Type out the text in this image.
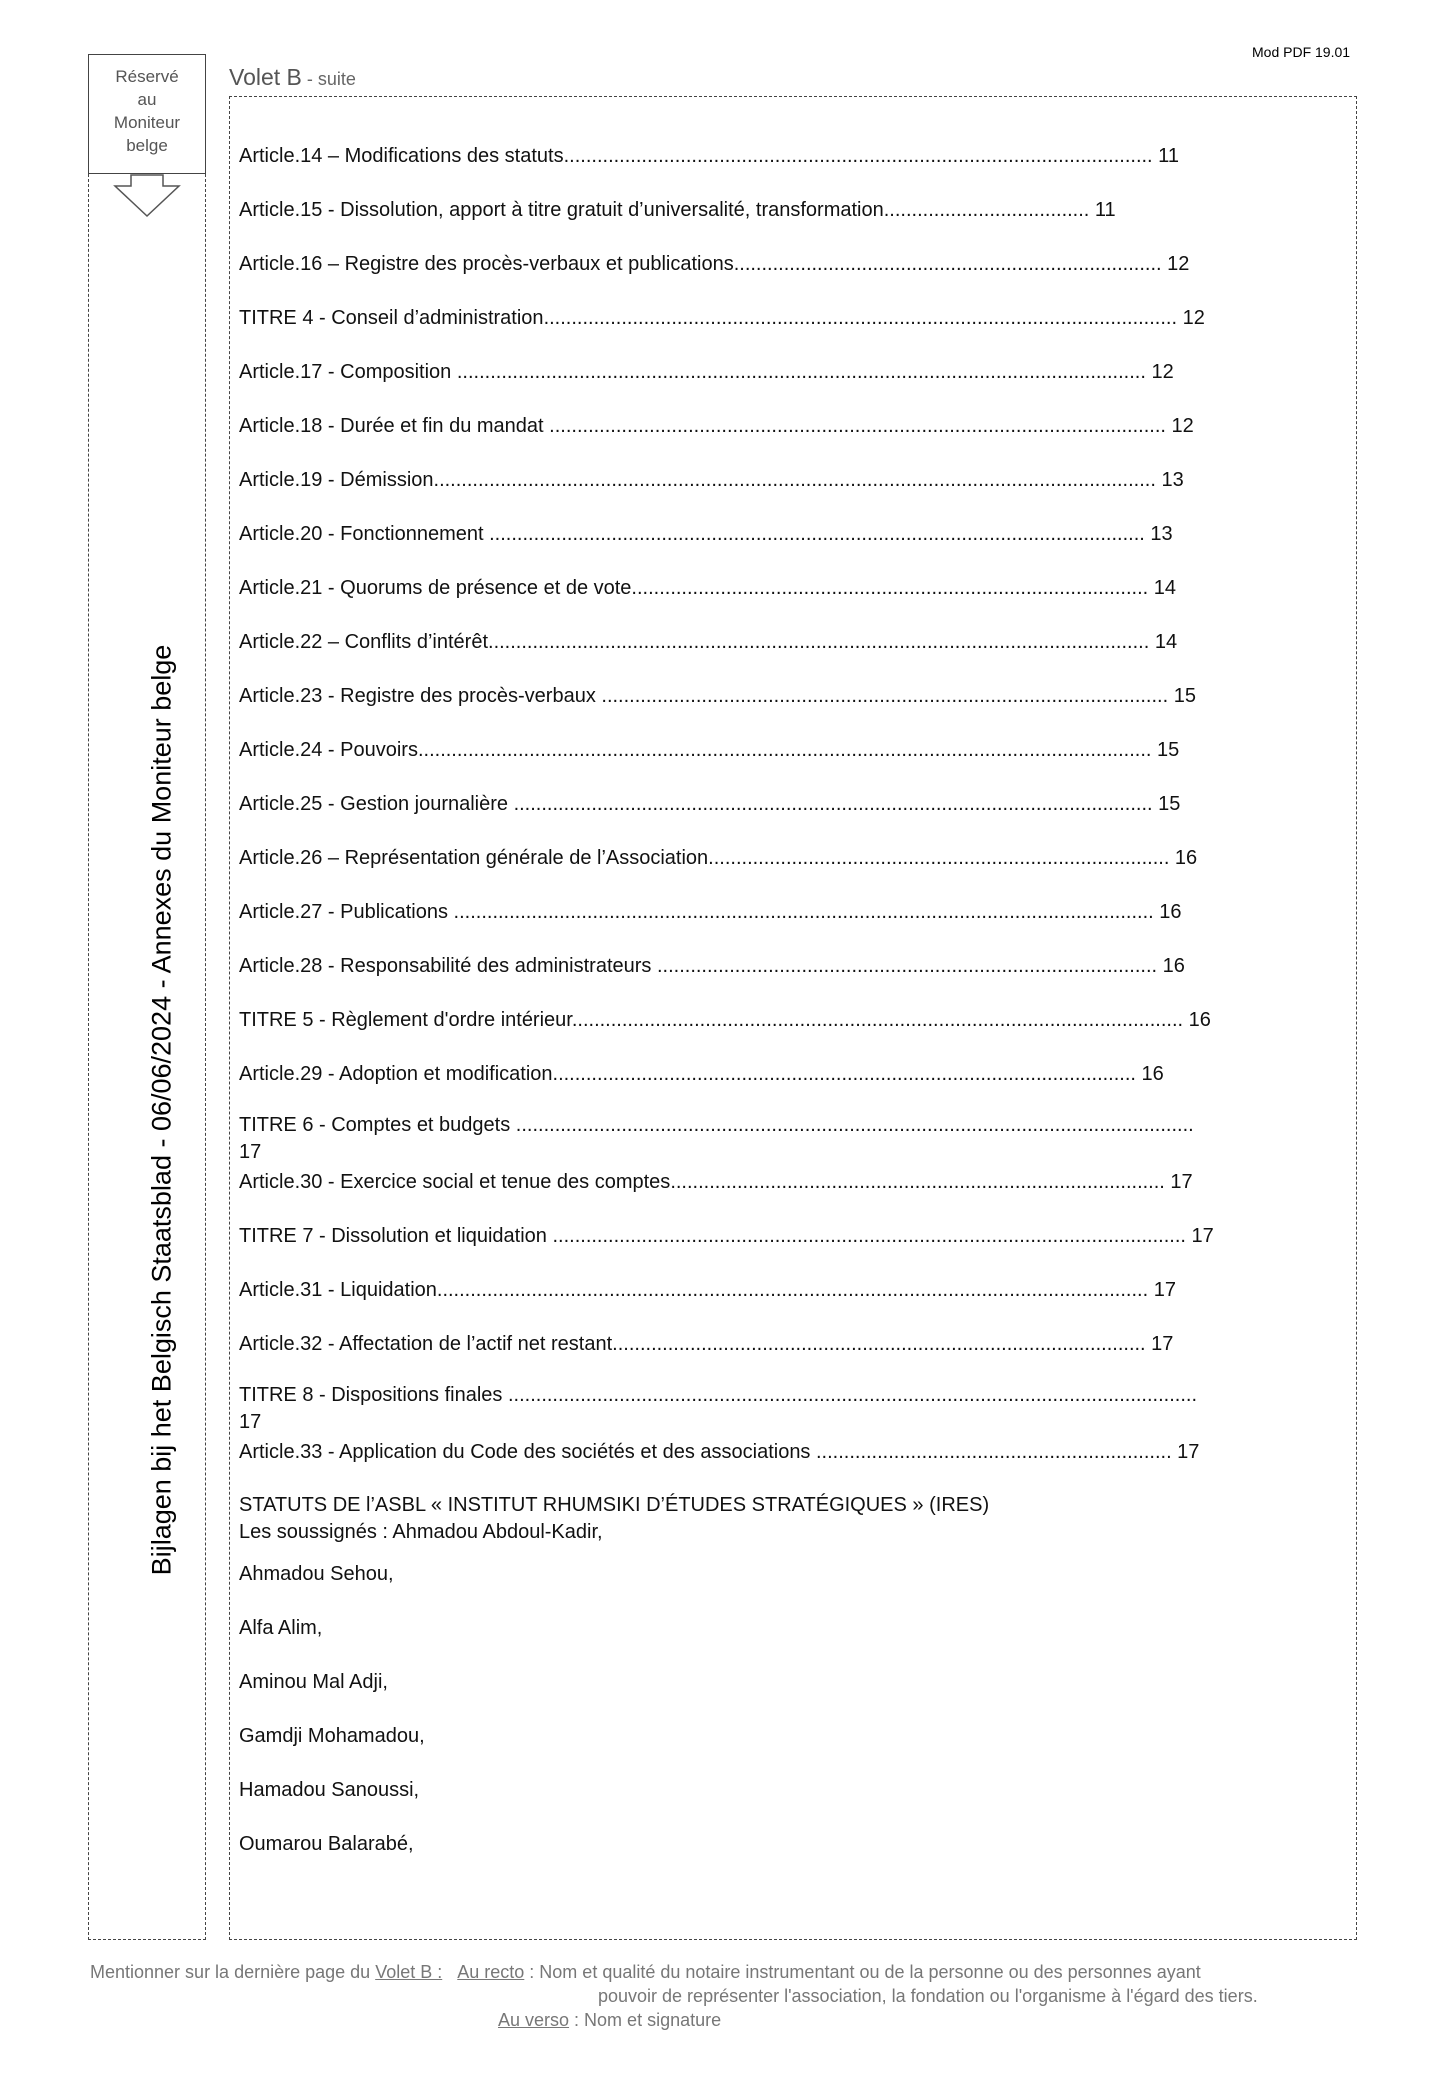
Mod PDF 19.01
Réservé
au
Moniteur
belge
Bijlagen bij het Belgisch Staatsblad - 06/06/2024 - Annexes du Moniteur belge
Volet B - suite
Article.14 – Modifications des statuts.......................................................................................................... 11
Article.15 - Dissolution, apport à titre gratuit d’universalité, transformation..................................... 11
Article.16 – Registre des procès-verbaux et publications............................................................................. 12
TITRE 4 - Conseil d’administration.................................................................................................................. 12
Article.17 - Composition ............................................................................................................................ 12
Article.18 - Durée et fin du mandat ............................................................................................................... 12
Article.19 - Démission.................................................................................................................................. 13
Article.20 - Fonctionnement ...................................................................................................................... 13
Article.21 - Quorums de présence et de vote............................................................................................. 14
Article.22 – Conflits d’intérêt....................................................................................................................... 14
Article.23 - Registre des procès-verbaux ...................................................................................................... 15
Article.24 - Pouvoirs.................................................................................................................................... 15
Article.25 - Gestion journalière ................................................................................................................... 15
Article.26 – Représentation générale de l’Association................................................................................... 16
Article.27 - Publications .............................................................................................................................. 16
Article.28 - Responsabilité des administrateurs .......................................................................................... 16
TITRE 5 - Règlement d'ordre intérieur.............................................................................................................. 16
Article.29 - Adoption et modification......................................................................................................... 16
TITRE 6 - Comptes et budgets ..........................................................................................................................
17
Article.30 - Exercice social et tenue des comptes......................................................................................... 17
TITRE 7 - Dissolution et liquidation .................................................................................................................. 17
Article.31 - Liquidation................................................................................................................................ 17
Article.32 - Affectation de l’actif net restant................................................................................................ 17
TITRE 8 - Dispositions finales ............................................................................................................................
17
Article.33 - Application du Code des sociétés et des associations ................................................................ 17
STATUTS DE l’ASBL « INSTITUT RHUMSIKI D’ÉTUDES STRATÉGIQUES » (IRES)
Les soussignés : Ahmadou Abdoul-Kadir,
Ahmadou Sehou,
Alfa Alim,
Aminou Mal Adji,
Gamdji Mohamadou,
Hamadou Sanoussi,
Oumarou Balarabé,
Mentionner sur la dernière page du Volet B : Au recto : Nom et qualité du notaire instrumentant ou de la personne ou des personnes ayant
pouvoir de représenter l'association, la fondation ou l'organisme à l'égard des tiers.
Au verso : Nom et signature
